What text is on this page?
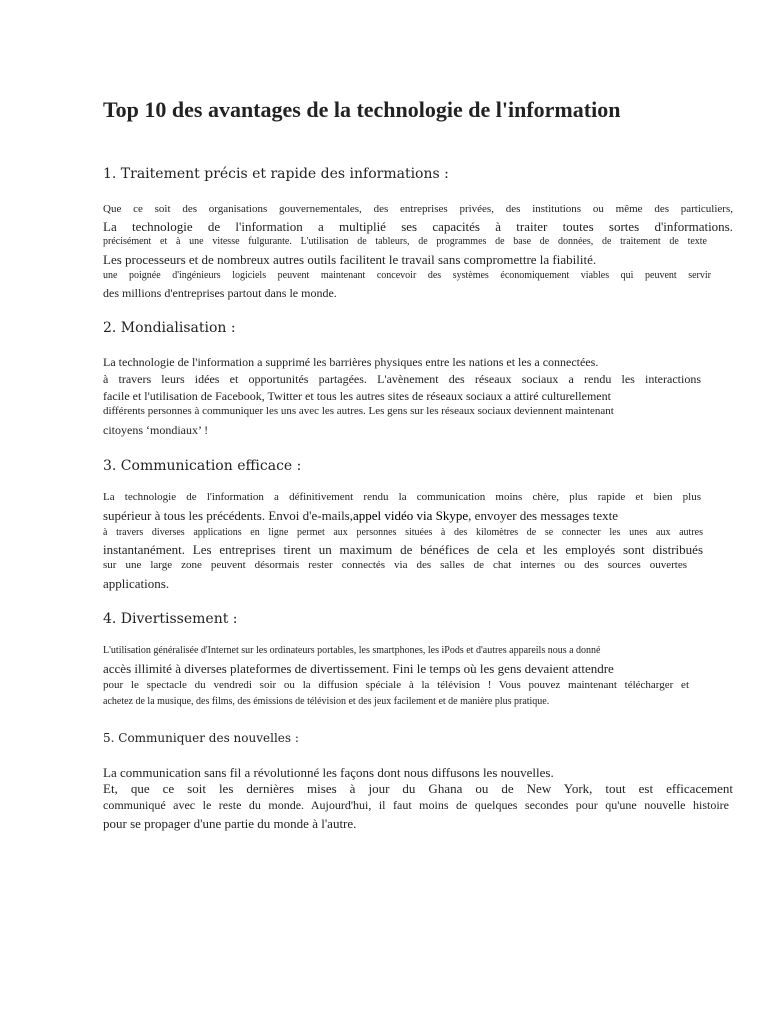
Top 10 des avantages de la technologie de l'information
1. Traitement précis et rapide des informations :
Que ce soit des organisations gouvernementales, des entreprises privées, des institutions ou même des particuliers,
La technologie de l'information a multiplié ses capacités à traiter toutes sortes d'informations.
précisément et à une vitesse fulgurante. L'utilisation de tableurs, de programmes de base de données, de traitement de texte
Les processeurs et de nombreux autres outils facilitent le travail sans compromettre la fiabilité.
une poignée d'ingénieurs logiciels peuvent maintenant concevoir des systèmes économiquement viables qui peuvent servir
des millions d'entreprises partout dans le monde.
2. Mondialisation :
La technologie de l'information a supprimé les barrières physiques entre les nations et les a connectées.
à travers leurs idées et opportunités partagées. L'avènement des réseaux sociaux a rendu les interactions
facile et l'utilisation de Facebook, Twitter et tous les autres sites de réseaux sociaux a attiré culturellement
différents personnes à communiquer les uns avec les autres. Les gens sur les réseaux sociaux deviennent maintenant
citoyens ‘mondiaux’ !
3. Communication efficace :
La technologie de l'information a définitivement rendu la communication moins chère, plus rapide et bien plus
supérieur à tous les précédents. Envoi d'e-mails,appel vidéo via Skype, envoyer des messages texte
à travers diverses applications en ligne permet aux personnes situées à des kilomètres de se connecter les unes aux autres
instantanément. Les entreprises tirent un maximum de bénéfices de cela et les employés sont distribués
sur une large zone peuvent désormais rester connectés via des salles de chat internes ou des sources ouvertes
applications.
4. Divertissement :
L'utilisation généralisée d'Internet sur les ordinateurs portables, les smartphones, les iPods et d'autres appareils nous a donné
accès illimité à diverses plateformes de divertissement. Fini le temps où les gens devaient attendre
pour le spectacle du vendredi soir ou la diffusion spéciale à la télévision ! Vous pouvez maintenant télécharger et
achetez de la musique, des films, des émissions de télévision et des jeux facilement et de manière plus pratique.
5. Communiquer des nouvelles :
La communication sans fil a révolutionné les façons dont nous diffusons les nouvelles.
Et, que ce soit les dernières mises à jour du Ghana ou de New York, tout est efficacement
communiqué avec le reste du monde. Aujourd'hui, il faut moins de quelques secondes pour qu'une nouvelle histoire
pour se propager d'une partie du monde à l'autre.
